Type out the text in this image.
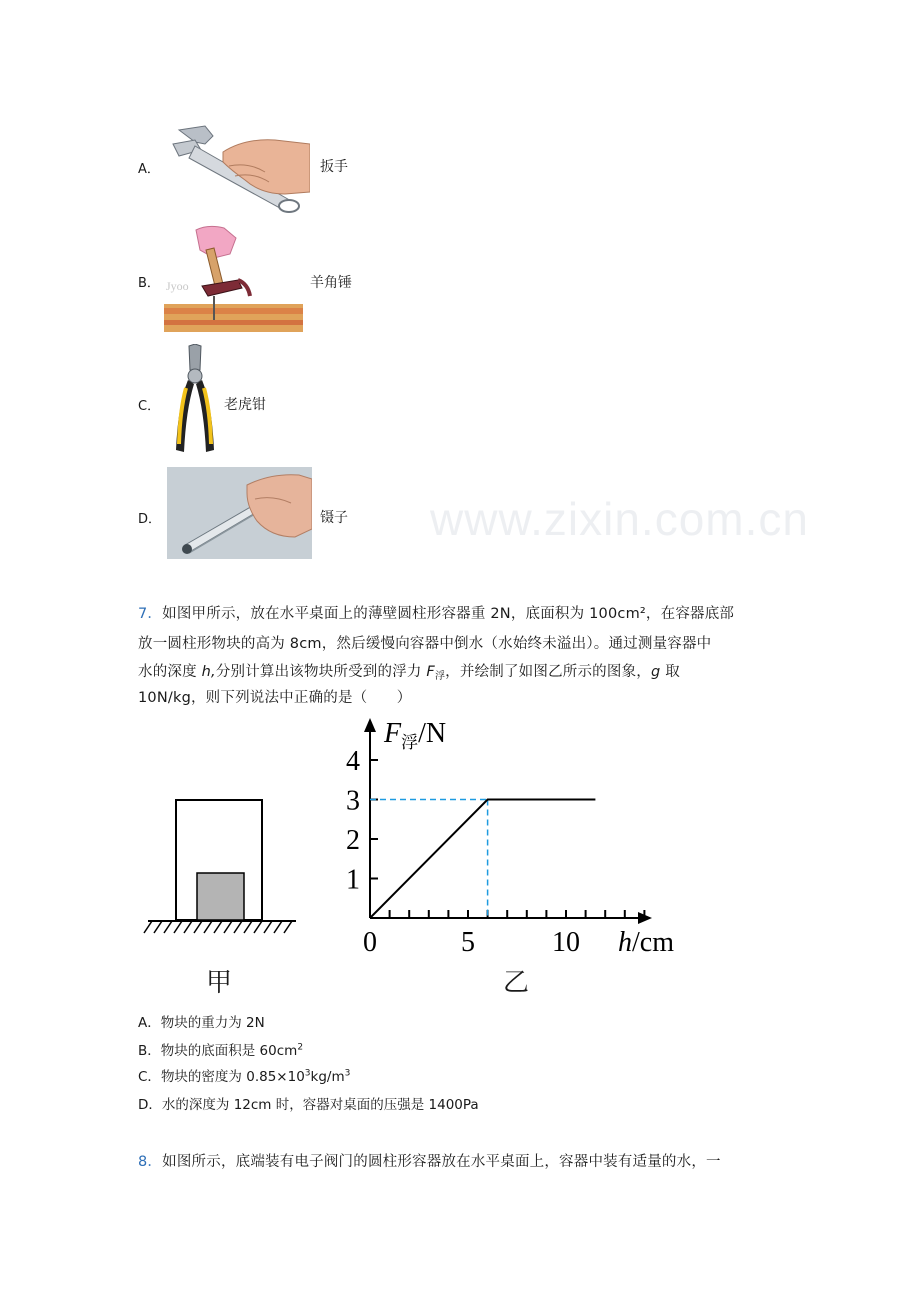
www.zixin.com.cn
A．	扳手
B． Jyoo	羊角锤
C．	老虎钳
D．	镊子
7．如图甲所示，放在水平桌面上的薄壁圆柱形容器重 2N，底面积为 100cm²，在容器底部
放一圆柱形物块的高为 8cm，然后缓慢向容器中倒水（水始终未溢出）。通过测量容器中
水的深度 h,分别计算出该物块所受到的浮力 $F_浮$，并绘制了如图乙所示的图象，g 取
10N/kg，则下列说法中正确的是（　　）
甲
1
2
3
4
0	5	10
$F_浮/N$
h/cm
乙
A．物块的重力为 2N
B．物块的底面积是 $60cm^2$
C．物块的密度为 $0.85\times 10^3kg/m^3$
D．水的深度为 12cm 时，容器对桌面的压强是 1400Pa
8．如图所示，底端装有电子阀门的圆柱形容器放在水平桌面上，容器中装有适量的水，一
